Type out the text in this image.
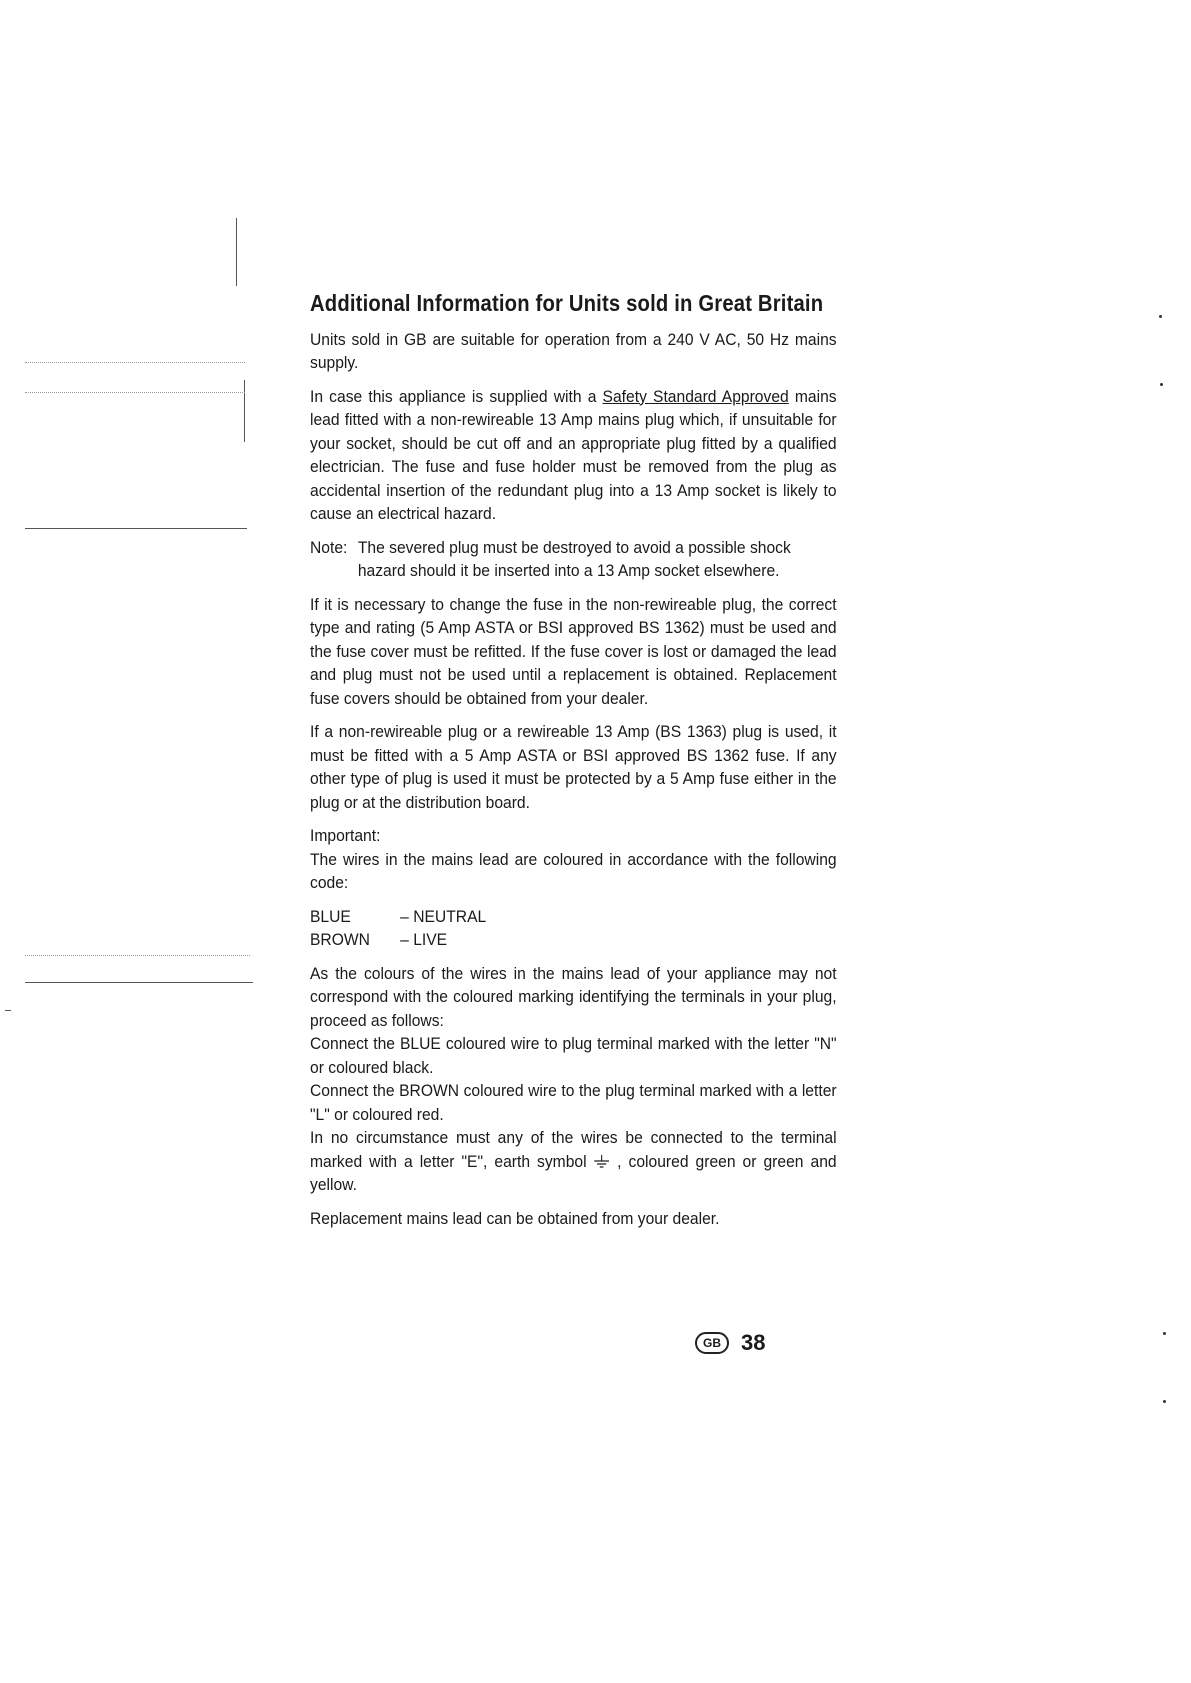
Additional Information for Units sold in Great Britain

Units sold in GB are suitable for operation from a 240 V AC, 50 Hz mains supply.

In case this appliance is supplied with a Safety Standard Approved mains lead fitted with a non-rewireable 13 Amp mains plug which, if unsuitable for your socket, should be cut off and an appropriate plug fitted by a qualified electrician. The fuse and fuse holder must be removed from the plug as accidental insertion of the redundant plug into a 13 Amp socket is likely to cause an electrical hazard.

Note: The severed plug must be destroyed to avoid a possible shock hazard should it be inserted into a 13 Amp socket elsewhere.

If it is necessary to change the fuse in the non-rewireable plug, the correct type and rating (5 Amp ASTA or BSI approved BS 1362) must be used and the fuse cover must be refitted. If the fuse cover is lost or damaged the lead and plug must not be used until a replacement is obtained. Replacement fuse covers should be obtained from your dealer.

If a non-rewireable plug or a rewireable 13 Amp (BS 1363) plug is used, it must be fitted with a 5 Amp ASTA or BSI approved BS 1362 fuse. If any other type of plug is used it must be protected by a 5 Amp fuse either in the plug or at the distribution board.

Important:

The wires in the mains lead are coloured in accordance with the following code:

BLUE	– NEUTRAL
BROWN	– LIVE

As the colours of the wires in the mains lead of your appliance may not correspond with the coloured marking identifying the terminals in your plug, proceed as follows:

Connect the BLUE coloured wire to plug terminal marked with the letter "N" or coloured black.

Connect the BROWN coloured wire to the plug terminal marked with a letter "L" or coloured red.

In no circumstance must any of the wires be connected to the terminal marked with a letter "E", earth symbol , coloured green or green and yellow.

Replacement mains lead can be obtained from your dealer.

GB 38
